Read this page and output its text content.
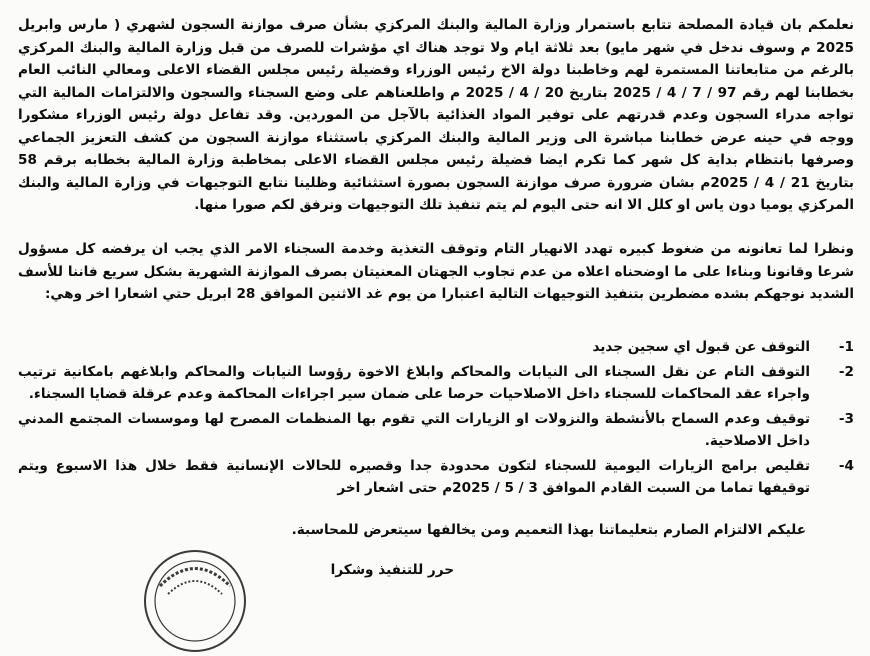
نعلمكم بان قيادة المصلحة تتابع باستمرار وزارة المالية والبنك المركزي بشأن صرف موازنة السجون لشهري ( مارس وابريل 2025 م وسوف ندخل في شهر مايو) بعد ثلاثة ايام ولا توجد هناك اي مؤشرات للصرف من قبل وزارة المالية والبنك المركزي بالرغم من متابعاتنا المستمرة لهم وخاطبنا دولة الاخ رئيس الوزراء وفضيلة رئيس مجلس القضاء الاعلى ومعالي النائب العام بخطابنا لهم رقم 97 / 7 / 4 / 2025 بتاريخ 20 / 4 / 2025 م واطلعناهم على وضع السجناء والسجون والالتزامات المالية التي تواجه مدراء السجون وعدم قدرتهم على توفير المواد الغذائية بالآجل من الموردين. وقد تفاعل دولة رئيس الوزراء مشكورا ووجه في حينه عرض خطابنا مباشرة الى وزير المالية والبنك المركزي باستثناء موازنة السجون من كشف التعزيز الجماعي وصرفها بانتظام بداية كل شهر كما تكرم ايضا فضيلة رئيس مجلس القضاء الاعلى بمخاطبة وزارة المالية بخطابه برقم 58 بتاريخ 21 / 4 / 2025م بشان ضرورة صرف موازنة السجون بصورة استثنائية وظلينا نتابع التوجيهات في وزارة المالية والبنك المركزي يوميا دون ياس او كلل الا انه حتى اليوم لم يتم تنفيذ تلك التوجيهات ونرفق لكم صورا منها.

ونظرا لما تعانونه من ضغوط كبيره تهدد الانهيار التام وتوقف التغذية وخدمة السجناء الامر الذي يجب ان يرفضه كل مسؤول شرعا وقانونا وبناءا على ما اوضحناه اعلاه من عدم تجاوب الجهتان المعنيتان بصرف الموازنة الشهرية بشكل سريع فاننا للأسف الشديد نوجهكم بشده مضطرين بتنفيذ التوجيهات التالية اعتبارا من يوم غد الاثنين الموافق 28 ابريل حتي اشعارا اخر وهي:

-1
التوقف عن قبول اي سجين جديد
-2
التوقف التام عن نقل السجناء الى النيابات والمحاكم وابلاغ الاخوة رؤوسا النيابات والمحاكم وابلاغهم بامكانية ترتيب واجراء عقد المحاكمات للسجناء داخل الاصلاحيات حرصا على ضمان سير اجراءات المحاكمة وعدم عرقلة قضايا السجناء.
-3
توقيف وعدم السماح بالأنشطة والنزولات او الزيارات التي تقوم بها المنظمات المصرح لها وموسسات المجتمع المدني داخل الاصلاحية.
-4
تقليص برامج الزيارات اليومية للسجناء لتكون محدودة جدا وقصيره للحالات الإنسانية فقط خلال هذا الاسبوع ويتم توقيفها تماما من السبت القادم الموافق 3 / 5 / 2025م حتى اشعار اخر

عليكم الالتزام الصارم بتعليماتنا بهذا التعميم ومن يخالفها سيتعرض للمحاسبة.

حرر للتنفيذ وشكرا
